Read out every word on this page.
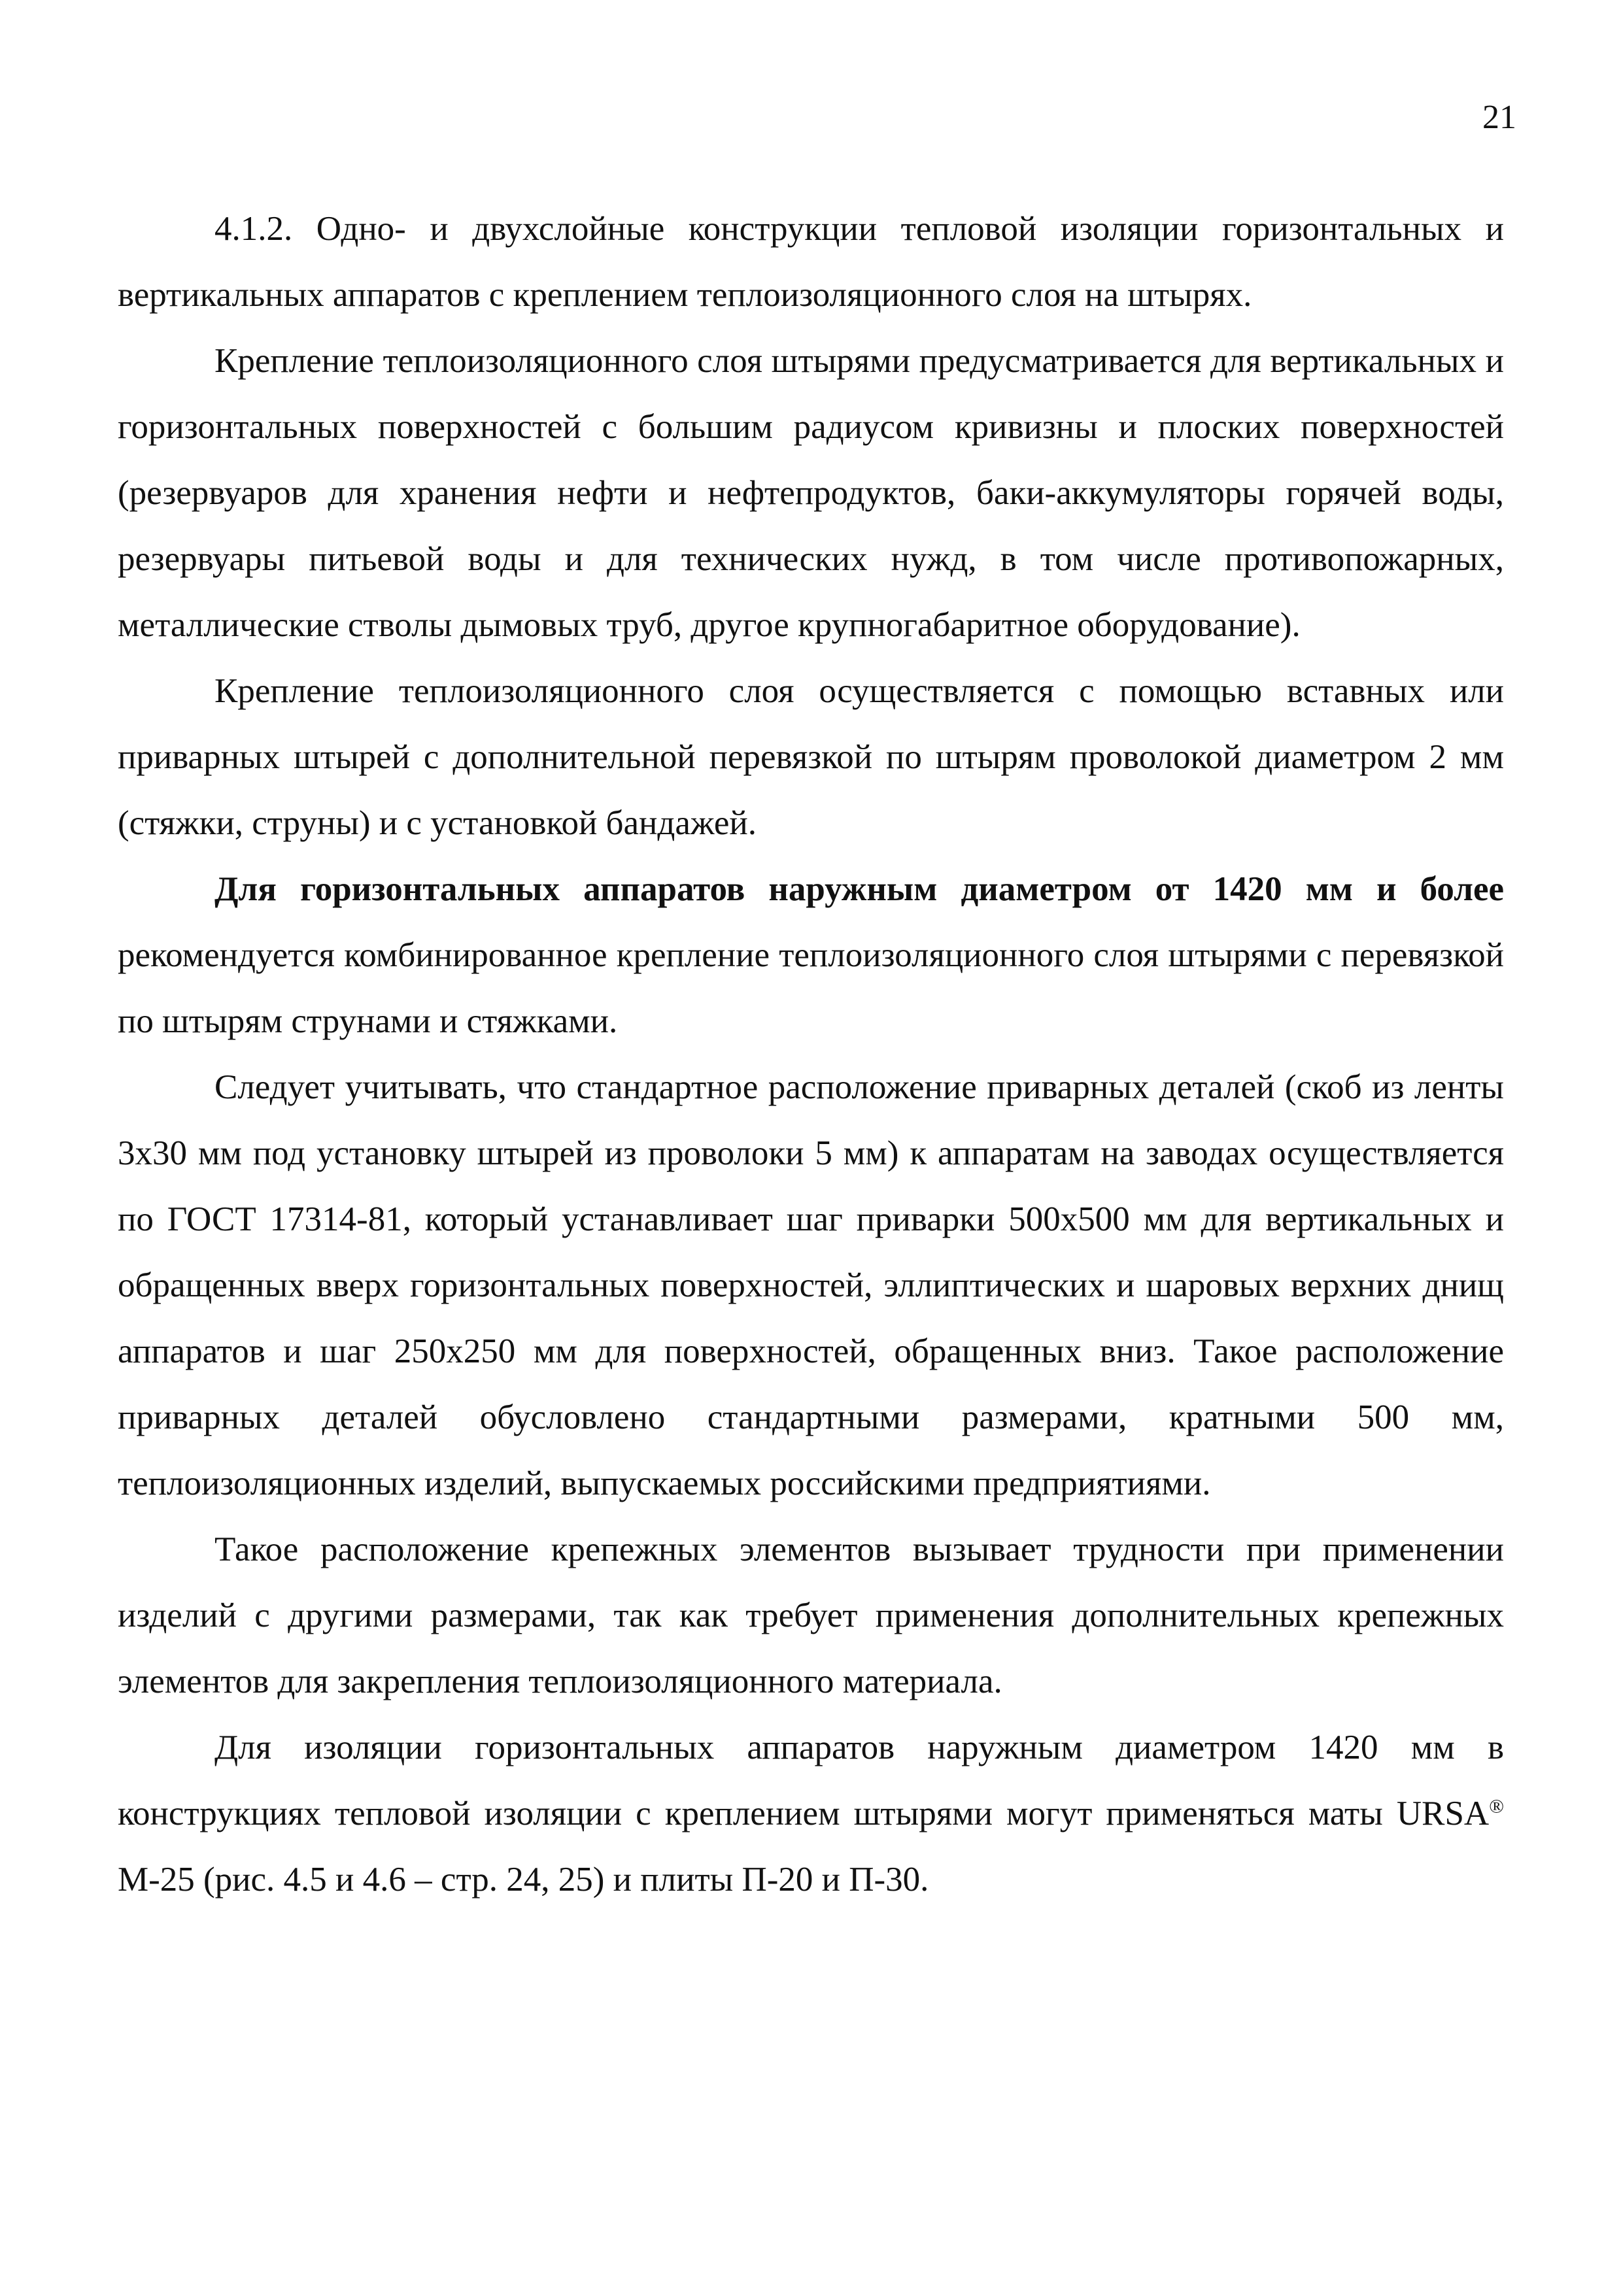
21

4.1.2. Одно- и двухслойные конструкции тепловой изоляции горизонтальных и вертикальных аппаратов с креплением теплоизоляционного слоя на штырях.

Крепление теплоизоляционного слоя штырями предусматривается для вертикальных и горизонтальных поверхностей с большим радиусом кривизны и плоских поверхностей (резервуаров для хранения нефти и нефтепродуктов, баки-аккумуляторы горячей воды, резервуары питьевой воды и для технических нужд, в том числе противопожарных, металлические стволы дымовых труб, другое крупногабаритное оборудование).

Крепление теплоизоляционного слоя осуществляется с помощью вставных или приварных штырей с дополнительной перевязкой по штырям проволокой диаметром 2 мм (стяжки, струны) и с установкой бандажей.

Для горизонтальных аппаратов наружным диаметром от 1420 мм и более рекомендуется комбинированное крепление теплоизоляционного слоя штырями с перевязкой по штырям струнами и стяжками.

Следует учитывать, что стандартное расположение приварных деталей (скоб из ленты 3х30 мм под установку штырей из проволоки 5 мм) к аппаратам на заводах осуществляется по ГОСТ 17314-81, который устанавливает шаг приварки 500х500 мм для вертикальных и обращенных вверх горизонтальных поверхностей, эллиптических и шаровых верхних днищ аппаратов и шаг 250х250 мм для поверхностей, обращенных вниз. Такое расположение приварных деталей обусловлено стандартными размерами, кратными 500 мм, теплоизоляционных изделий, выпускаемых российскими предприятиями.

Такое расположение крепежных элементов вызывает трудности при применении изделий с другими размерами, так как требует применения дополнительных крепежных элементов для закрепления теплоизоляционного материала.

Для изоляции горизонтальных аппаратов наружным диаметром 1420 мм в конструкциях тепловой изоляции с креплением штырями могут применяться маты URSA® М-25 (рис. 4.5 и 4.6 – стр. 24, 25) и плиты П-20 и П-30.
